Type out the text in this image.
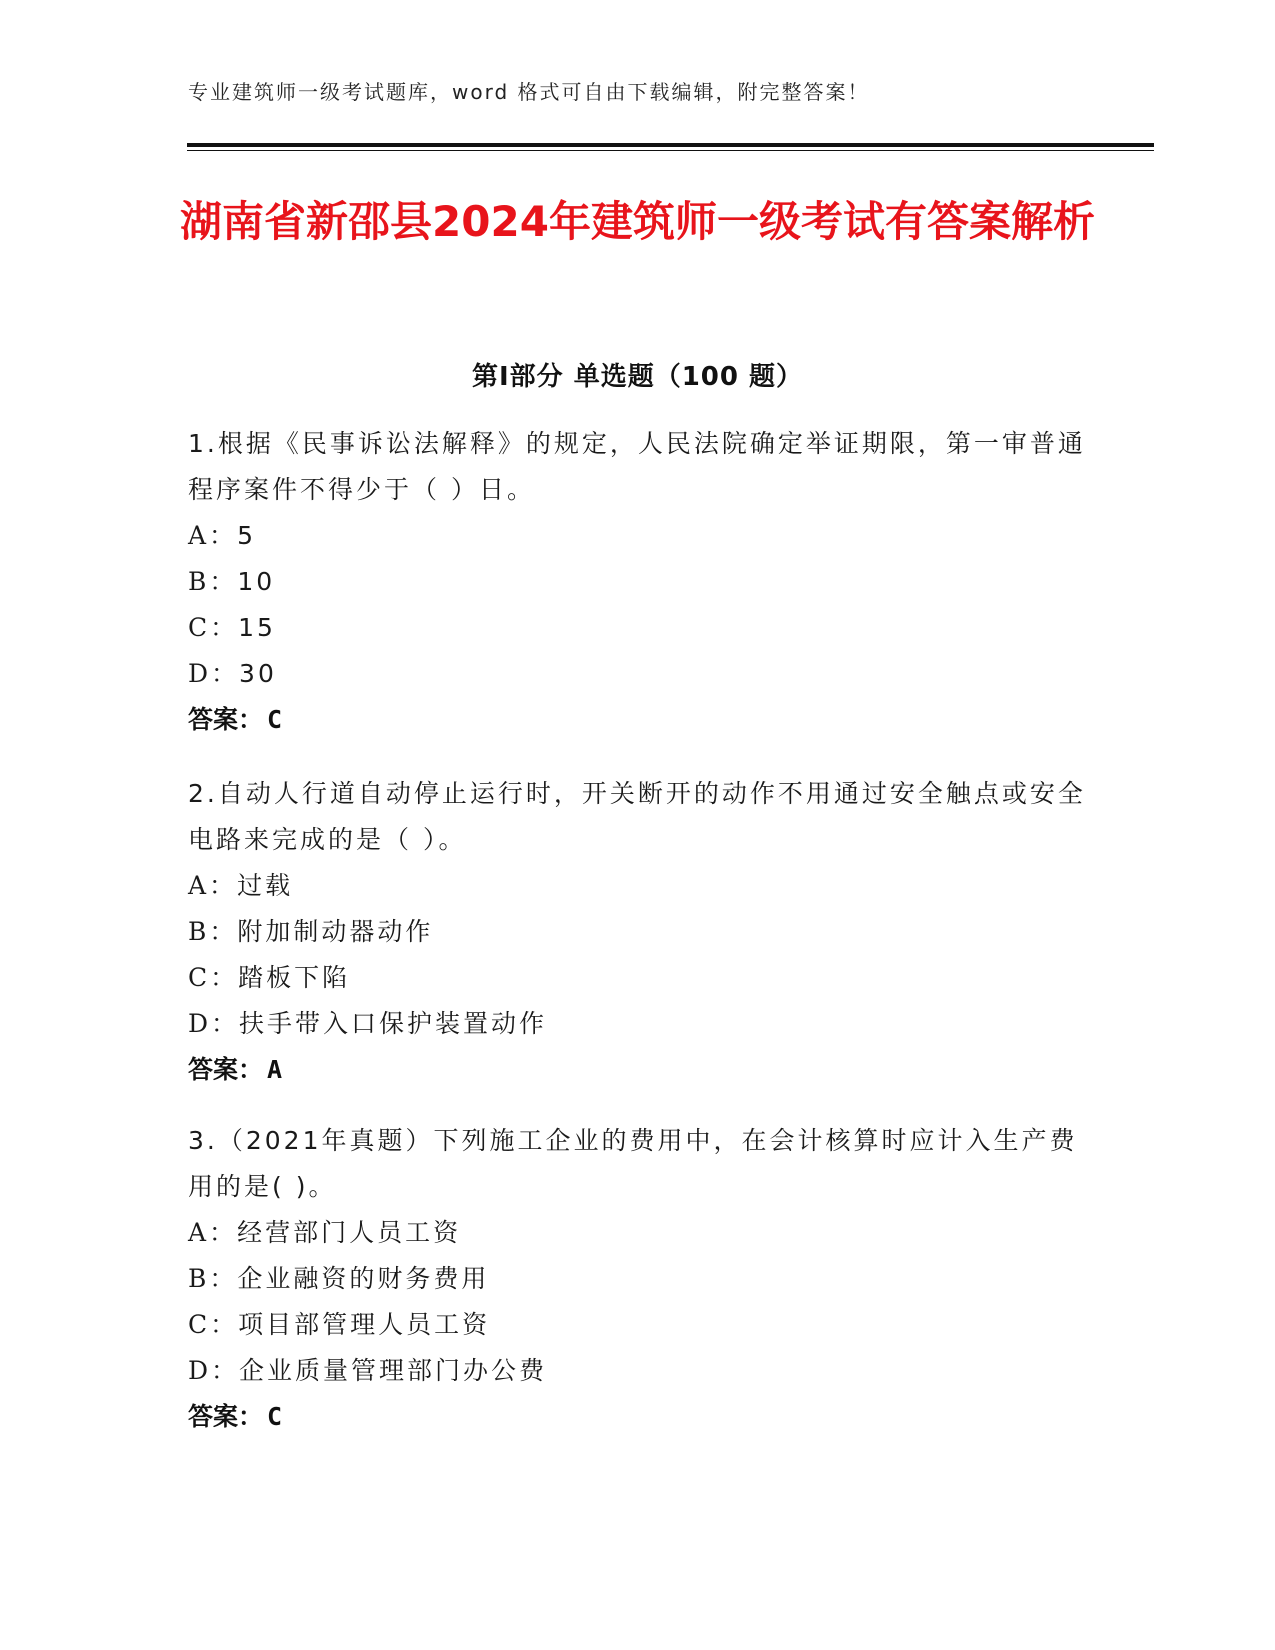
专业建筑师一级考试题库，word 格式可自由下载编辑，附完整答案！
湖南省新邵县2024年建筑师一级考试有答案解析
第Ⅰ部分 单选题（100 题）

1.根据《民事诉讼法解释》的规定，人民法院确定举证期限，第一审普通程序案件不得少于（ ）日。

A：5
B：10
C：15
D：30
答案： C

2.自动人行道自动停止运行时，开关断开的动作不用通过安全触点或安全电路来完成的是（ ）。

A：过载
B：附加制动器动作
C：踏板下陷
D：扶手带入口保护装置动作
答案： A

3.（2021年真题）下列施工企业的费用中，在会计核算时应计入生产费用的是( )。

A：经营部门人员工资
B：企业融资的财务费用
C：项目部管理人员工资
D：企业质量管理部门办公费
答案： C
